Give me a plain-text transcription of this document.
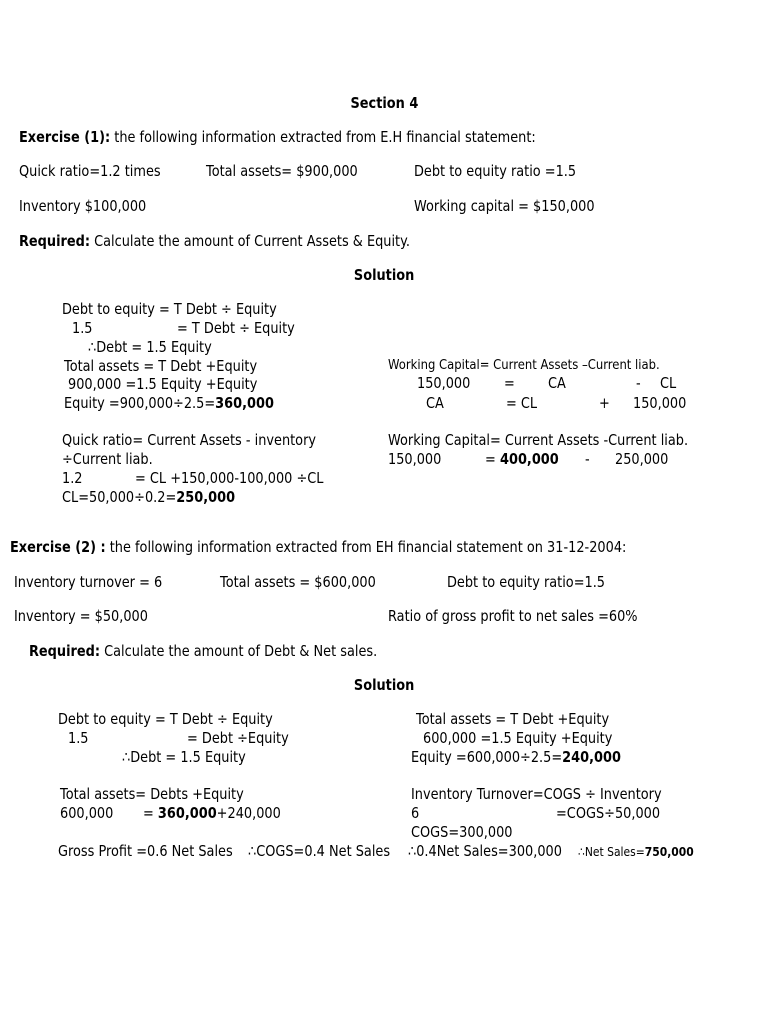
Section 4
Exercise (1): the following information extracted from E.H financial statement:
Quick ratio=1.2 times	Total assets= $900,000	Debt to equity ratio =1.5
Inventory $100,000	Working capital = $150,000
Required: Calculate the amount of Current Assets & Equity.
Solution
Debt to equity = T Debt ÷ Equity
1.5	= T Debt ÷ Equity
∴Debt = 1.5 Equity
Total assets = T Debt +Equity
900,000 =1.5 Equity +Equity
Equity =900,000÷2.5=360,000
Quick ratio= Current Assets - inventory
÷Current liab.
1.2	= CL +150,000-100,000 ÷CL
CL=50,000÷0.2=250,000
Working Capital= Current Assets –Current liab.
150,000 = CA	- CL
CA	= CL	+ 150,000
Working Capital= Current Assets -Current liab.
150,000	= 400,000 - 250,000
Exercise (2) : the following information extracted from EH financial statement on 31-12-2004:
Inventory turnover = 6	Total assets = $600,000	Debt to equity ratio=1.5
Inventory = $50,000	Ratio of gross profit to net sales =60%
Required: Calculate the amount of Debt & Net sales.
Solution
Debt to equity = T Debt ÷ Equity
1.5	= Debt ÷Equity
∴Debt = 1.5 Equity
Total assets= Debts +Equity
600,000 = 360,000+240,000
Total assets = T Debt +Equity
600,000 =1.5 Equity +Equity
Equity =600,000÷2.5=240,000
Inventory Turnover=COGS ÷ Inventory
6	=COGS÷50,000
COGS=300,000
Gross Profit =0.6 Net Sales ∴COGS=0.4 Net Sales ∴0.4Net Sales=300,000 ∴Net Sales=750,000
